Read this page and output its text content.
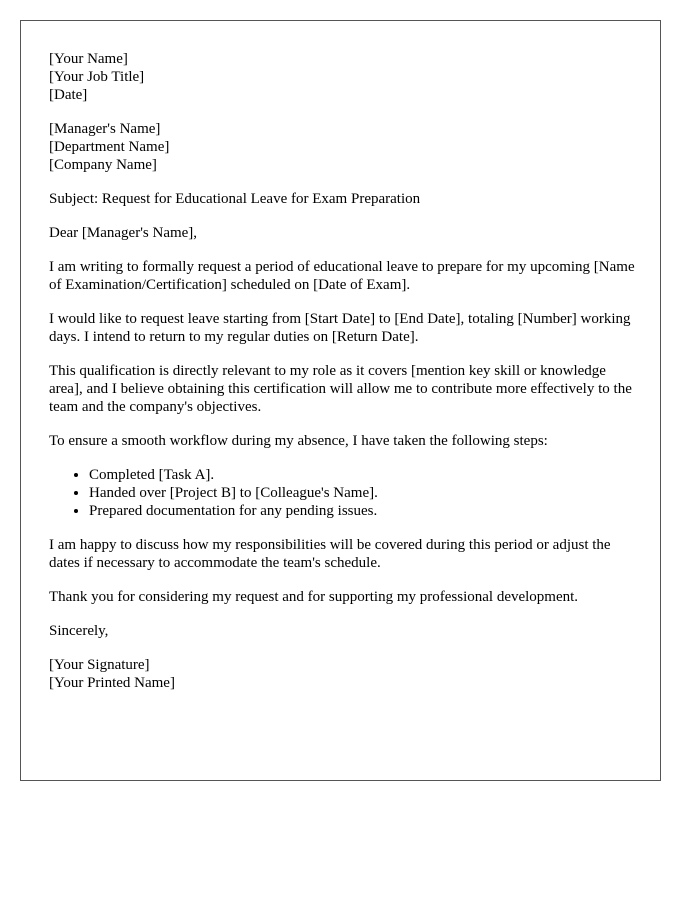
[Your Name]
[Your Job Title]
[Date]
[Manager's Name]
[Department Name]
[Company Name]

Subject: Request for Educational Leave for Exam Preparation

Dear [Manager's Name],

I am writing to formally request a period of educational leave to prepare for my upcoming [Name of Examination/Certification] scheduled on [Date of Exam].

I would like to request leave starting from [Start Date] to [End Date], totaling [Number] working days. I intend to return to my regular duties on [Return Date].

This qualification is directly relevant to my role as it covers [mention key skill or knowledge area], and I believe obtaining this certification will allow me to contribute more effectively to the team and the company's objectives.

To ensure a smooth workflow during my absence, I have taken the following steps:

• Completed [Task A].
• Handed over [Project B] to [Colleague's Name].
• Prepared documentation for any pending issues.

I am happy to discuss how my responsibilities will be covered during this period or adjust the dates if necessary to accommodate the team's schedule.

Thank you for considering my request and for supporting my professional development.

Sincerely,

[Your Signature]
[Your Printed Name]
